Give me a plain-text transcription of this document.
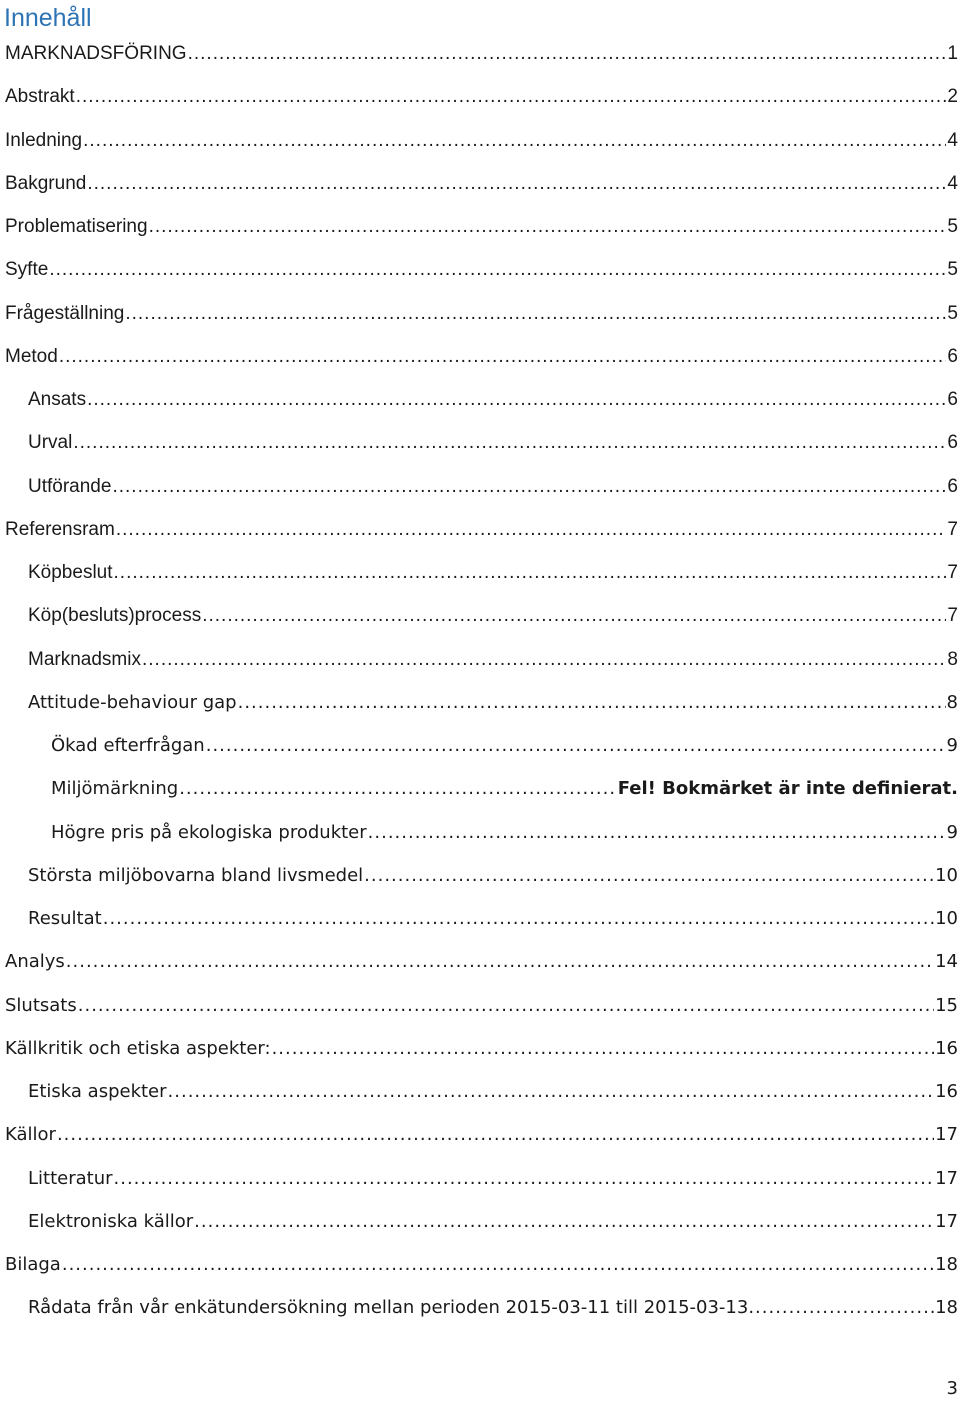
Innehåll
MARKNADSFÖRING .....	1
Abstrakt .....	2
Inledning .....	4
Bakgrund .....	4
Problematisering .....	5
Syfte .....	5
Frågeställning .....	5
Metod .....	6
Ansats .....	6
Urval .....	6
Utförande .....	6
Referensram .....	7
Köpbeslut .....	7
Köp(besluts)process .....	7
Marknadsmix .....	8
Attitude-behaviour gap .....	8
Ökad efterfrågan .....	9
Miljömärkning .....	Fel! Bokmärket är inte definierat.
Högre pris på ekologiska produkter .....	9
Största miljöbovarna bland livsmedel .....	10
Resultat .....	10
Analys .....	14
Slutsats .....	15
Källkritik och etiska aspekter: .....	16
Etiska aspekter .....	16
Källor .....	17
Litteratur .....	17
Elektroniska källor .....	17
Bilaga .....	18
Rådata från vår enkätundersökning mellan perioden 2015-03-11 till 2015-03-13. .....	18
3
